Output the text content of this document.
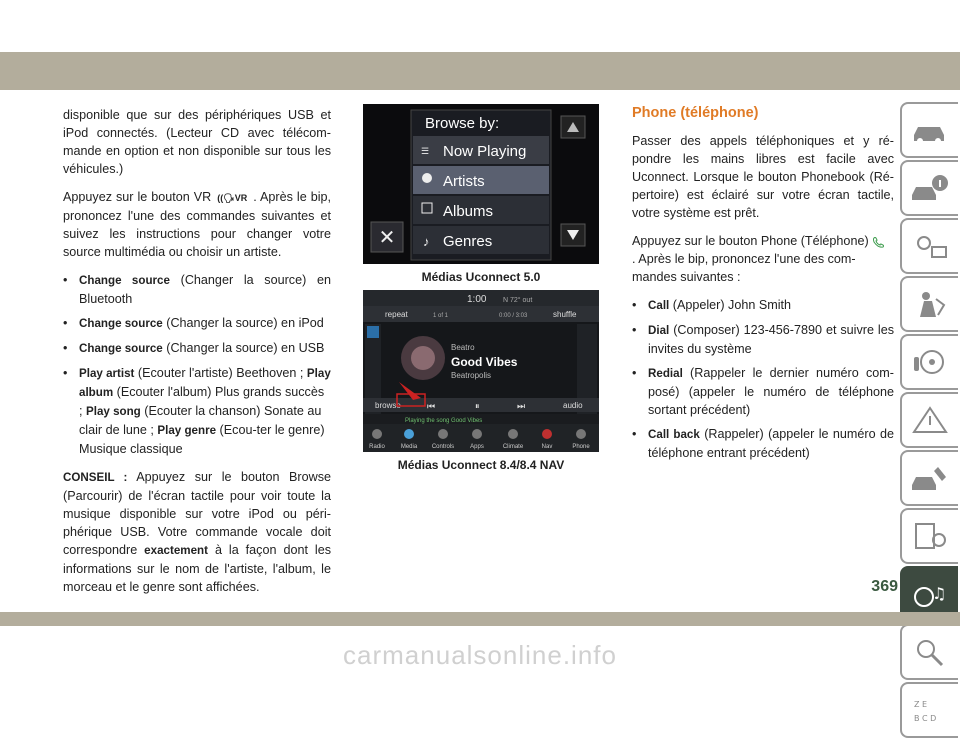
disponible que sur des périphériques USB et iPod connectés. (Lecteur CD avec télécom-mande en option et non disponible sur tous les véhicules.)

Appuyez sur le bouton VR ((🗣VR . Après le bip, prononcez l'une des commandes suivantes et suivez les instructions pour changer votre source multimédia ou choisir un artiste.

• Change source (Changer la source) en Bluetooth
• Change source (Changer la source) en iPod
• Change source (Changer la source) en USB
• Play artist (Ecouter l'artiste) Beethoven ; Play album (Ecouter l'album) Plus grands succès ; Play song (Ecouter la chanson) Sonate au clair de lune ; Play genre (Ecou-ter le genre) Musique classique

CONSEIL : Appuyez sur le bouton Browse (Parcourir) de l'écran tactile pour voir toute la musique disponible sur votre iPod ou péri-phérique USB. Votre commande vocale doit correspondre exactement à la façon dont les informations sur le nom de l'artiste, l'album, le morceau et le genre sont affichées.

✕
Browse by:
☰ Now Playing
Artists
Albums
♪ Genres
Médias Uconnect 5.0
1:00 N 72° out
repeat	1 of 1	0:00 / 3:03	shuffle
Beatro
Good Vibes
Beatropolis
browse	⏮	⏸	⏭	audio
Playing the song Good Vibes
Radio	Media Controls	Apps	Climate	Nav	Phone
Médias Uconnect 8.4/8.4 NAV
Phone (téléphone)

Passer des appels téléphoniques et y ré-pondre les mains libres est facile avec Uconnect. Lorsque le bouton Phonebook (Ré-pertoire) est éclairé sur votre écran tactile, votre système est prêt.

Appuyez sur le bouton Phone (Téléphone)  . Après le bip, prononcez l'une des com-mandes suivantes :

• Call (Appeler) John Smith
• Dial (Composer) 123-456-7890 et suivre les invites du système
• Redial (Rappeler le dernier numéro com-posé) (appeler le numéro de téléphone sortant précédent)
• Call back (Rappeler) (appeler le numéro de téléphone entrant précédent)
♫
Z E
B C D
369
carmanualsonline.info
